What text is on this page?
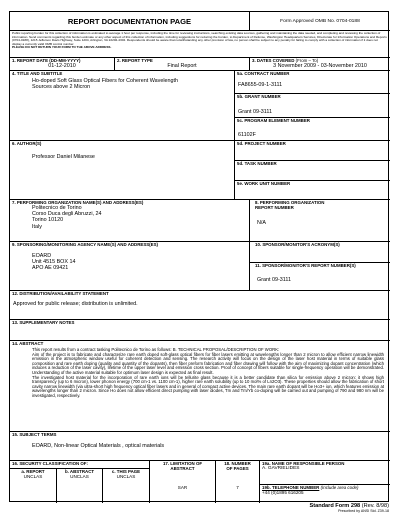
REPORT DOCUMENTATION PAGE	Form Approved OMB No. 0704-0188
Public reporting burden for this collection of information is estimated to average 1 hour per response, including the time for reviewing instructions, searching existing data sources, gathering and maintaining the data needed, and completing and reviewing the collection of information. Send comments regarding this burden estimate or any other aspect of this collection of information, including suggestions for reducing the burden, to Department of Defense, Washington Headquarters Services, Directorate for Information Operations and Reports (0704-0188), 1215 Jefferson Davis Highway, Suite 1204, Arlington, VA 22202-4302. Respondents should be aware that notwithstanding any other provision of law, no person shall be subject to any penalty for failing to comply with a collection of information if it does not display a currently valid OMB control number.
PLEASE DO NOT RETURN YOUR FORM TO THE ABOVE ADDRESS.
1. REPORT DATE (DD-MM-YYYY)
01-12-2010
2. REPORT TYPE
Final Report
3. DATES COVERED (From – To)
3 November 2009 - 03-November 2010
4. TITLE AND SUBTITLE
Ho-doped Soft Glass Optical Fibers for Coherent Wavelength
Sources above 2 Micron
5a. CONTRACT NUMBER
FA8655-09-1-3111
5b. GRANT NUMBER
Grant 09-3111
5c. PROGRAM ELEMENT NUMBER
61102F
6. AUTHOR(S)
Professor Daniel Milanese
5d. PROJECT NUMBER
5d. TASK NUMBER
5e. WORK UNIT NUMBER
7. PERFORMING ORGANIZATION NAME(S) AND ADDRESS(ES)
Politecnico de Torino
Corso Duca degli Abruzzi, 24
Torino 10120
Italy
8. PERFORMING ORGANIZATION
REPORT NUMBER
N/A
9. SPONSORING/MONITORING AGENCY NAME(S) AND ADDRESS(ES)
EOARD
Unit 4515 BOX 14
APO AE 09421
10. SPONSOR/MONITOR'S ACRONYM(S)
11. SPONSOR/MONITOR'S REPORT NUMBER(S)
Grant 09-3111
12. DISTRIBUTION/AVAILABILITY STATEMENT
Approved for public release; distribution is unlimited.
13. SUPPLEMENTARY NOTES
14. ABSTRACT
This report results from a contract tasking Politecnico de Torino as follows: B. TECHNICAL PROPOSAL/DESCRIPTION OF WORK:
Aim of the project is to fabricate and characterize rare earth doped soft-glass optical fibers for fiber lasers emitting at wavelengths longer than 2 micron to allow efficient narrow linewidth emission in the atmospheric window useful for coherent detection and sensing. The research activity will focus on the design of the laser host material in terms of suitable glass composition and rare earth doping (quality and quantity of the dopants), then fiber preform fabrication and fiber drawing will follow with the aim of maximizing dopant concentration (which induces a reduction of the laser cavity), lifetime of the upper laser level and emission cross section. Proof of concept of fibers suitable for single-frequency operation will be demonstrated. Understanding of the active material suitable for optimum laser design is expected as final result.
The investigated host material for the incorporation of rare earth ions will be tellurite glass because it is a better candidate than silica for emission above 2 micron: it shows high transparency (up to 6 micron), lower phonon energy (700 cm-1 vs. 1100 cm-1), higher rare earth solubility (up to 10 mol% of Ln2O3). These properties should allow the fabrication of short cavity narrow linewidth (via ultra-short high frequency optical fiber lasers and in general of compact active devices. The main rare earth dopant will be Ho3+ ion, which features emission at wavelengths longer than 2 micron. Since Ho does not allow efficient direct pumping with laser diodes, Tm and Tm/Yb co-doping will be carried out and pumping of 790 and 980 nm will be investigated, respectively.
15. SUBJECT TERMS
EOARD, Non-linear Optical Materials , optical materials
16. SECURITY CLASSIFICATION OF:
a. REPORT
UNCLAS
b. ABSTRACT
UNCLAS
c. THIS PAGE
UNCLAS
17. LIMITATION OF
ABSTRACT
SAR
18. NUMBER
OF PAGES
7
19a. NAME OF RESPONSIBLE PERSON
A. GAVRIELIDES
19b. TELEPHONE NUMBER (Include area code)
+44 (0)1895 616205
Standard Form 298 (Rev. 8/98)
Prescribed by ANSI Std. Z39-18
